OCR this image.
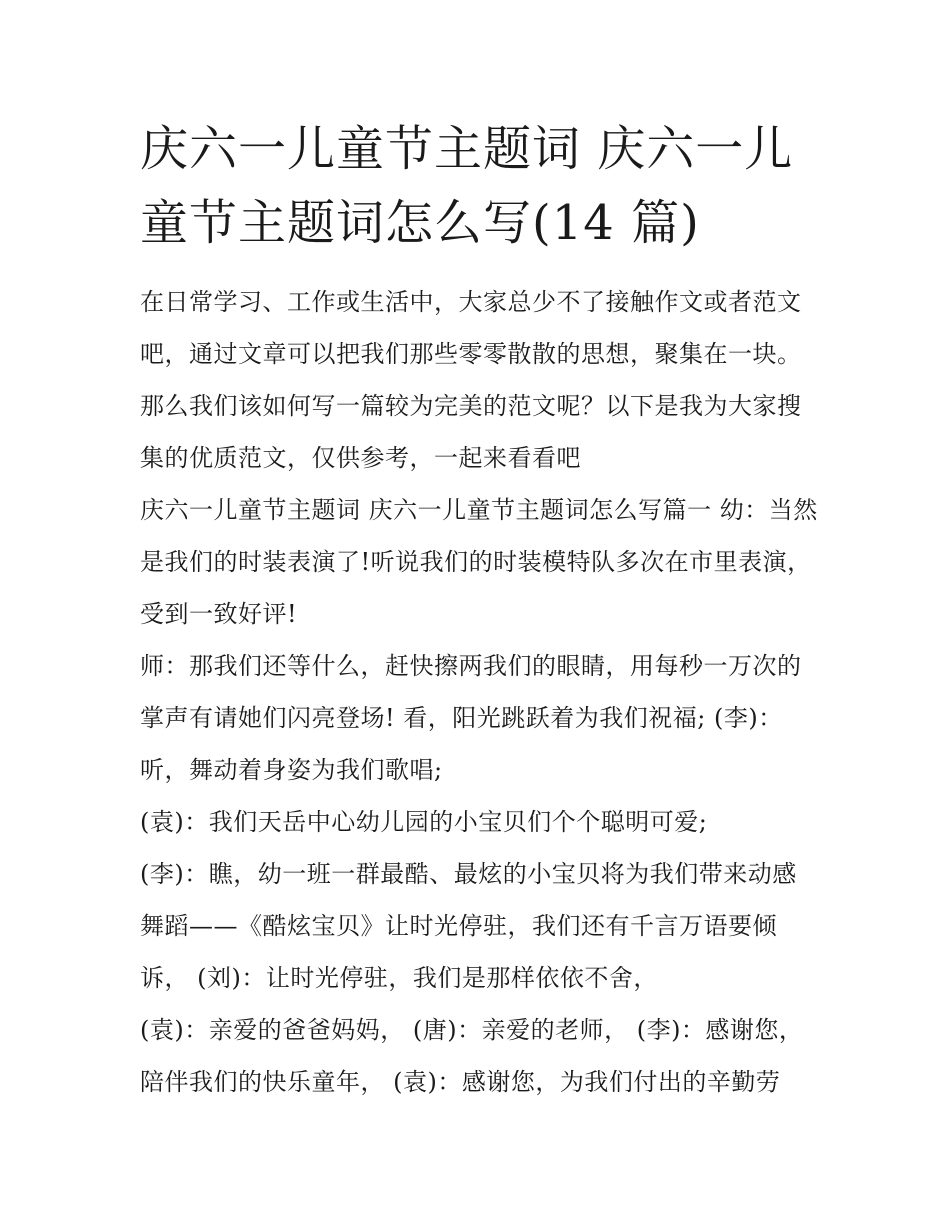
庆六一儿童节主题词 庆六一儿童节主题词怎么写(14 篇)

在日常学习、工作或生活中，大家总少不了接触作文或者范文吧，通过文章可以把我们那些零零散散的思想，聚集在一块。那么我们该如何写一篇较为完美的范文呢？以下是我为大家搜集的优质范文，仅供参考，一起来看看吧

庆六一儿童节主题词 庆六一儿童节主题词怎么写篇一 幼：当然是我们的时装表演了!听说我们的时装模特队多次在市里表演，受到一致好评!

师：那我们还等什么，赶快擦两我们的眼睛，用每秒一万次的掌声有请她们闪亮登场! 看，阳光跳跃着为我们祝福; (李)：听，舞动着身姿为我们歌唱;

(袁)：我们天岳中心幼儿园的小宝贝们个个聪明可爱;

(李)：瞧，幼一班一群最酷、最炫的小宝贝将为我们带来动感舞蹈——《酷炫宝贝》让时光停驻，我们还有千言万语要倾诉， (刘)：让时光停驻，我们是那样依依不舍，

(袁)：亲爱的爸爸妈妈， (唐)：亲爱的老师， (李)：感谢您，陪伴我们的快乐童年， (袁)：感谢您，为我们付出的辛勤劳
